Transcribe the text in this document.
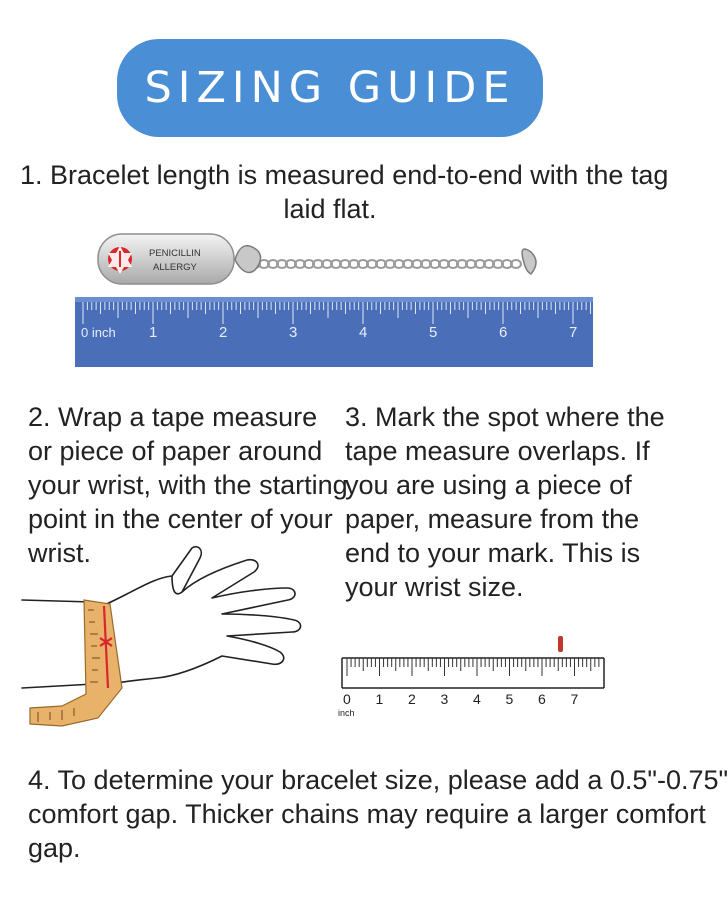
SIZING GUIDE
1. Bracelet length is measured end-to-end with the tag
laid flat.
PENICILLIN
ALLERGY
0 inch 1	2	3	4	5	6	7
2. Wrap a tape measure
or piece of paper around
your wrist, with the starting
point in the center of your
wrist.
3. Mark the spot where the
tape measure overlaps. If
you are using a piece of
paper, measure from the
end to your mark. This is
your wrist size.
0 1 2 3 4 5 6 7
inch
4. To determine your bracelet size, please add a 0.5"-0.75"
comfort gap. Thicker chains may require a larger comfort
gap.
